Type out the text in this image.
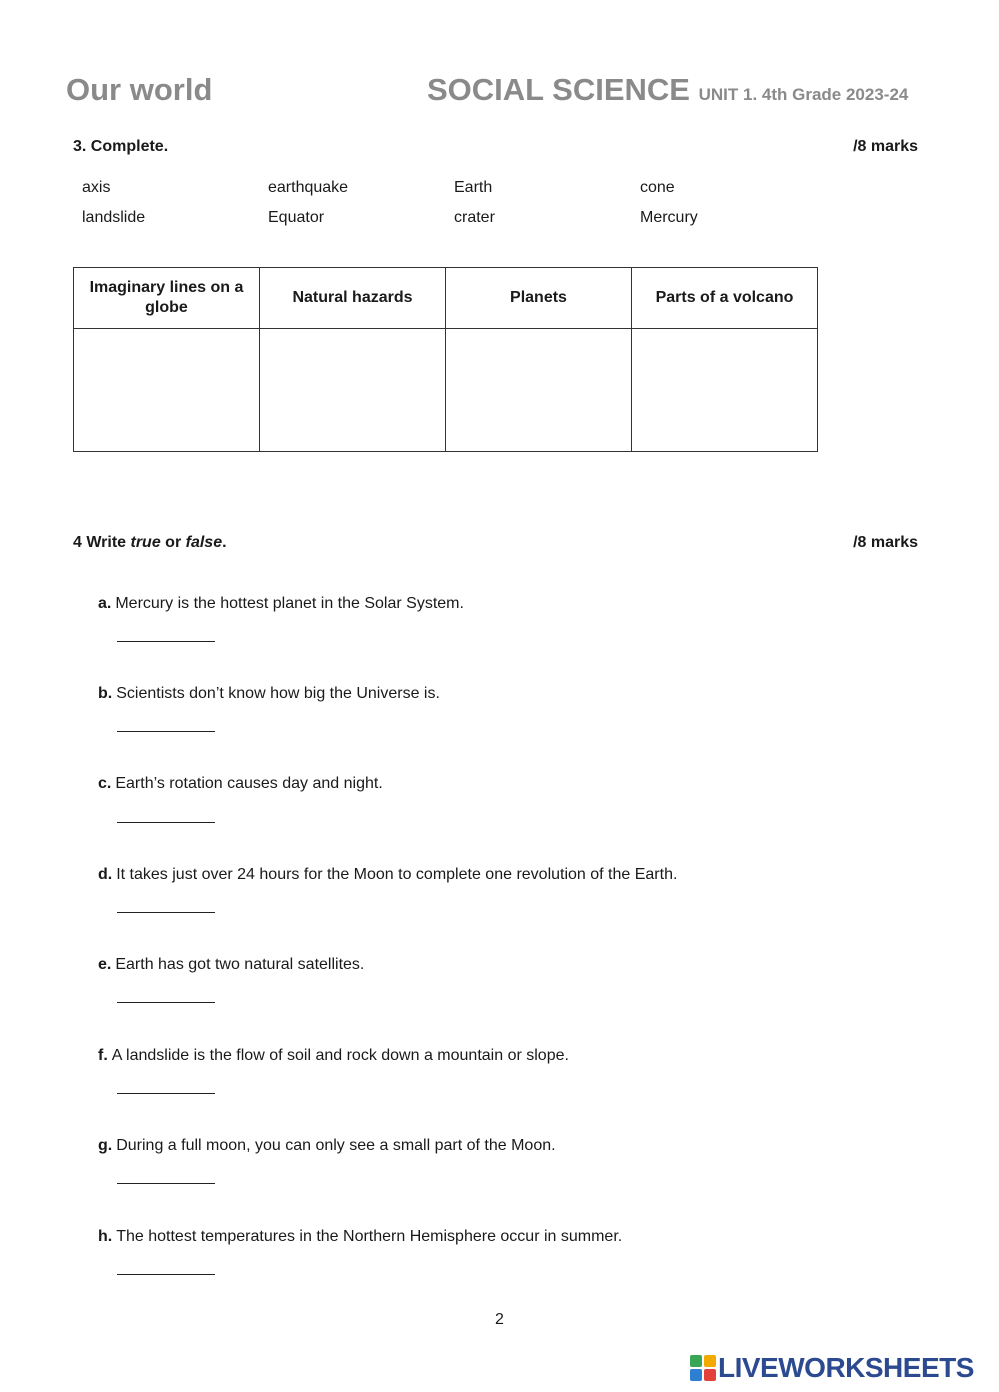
Our world	SOCIAL SCIENCE UNIT 1. 4th Grade 2023-24
3. Complete.	/8 marks
axis	earthquake	Earth	cone
landslide	Equator	crater	Mercury
Imaginary lines on a globe	Natural hazards	Planets	Parts of a volcano

4 Write true or false.	/8 marks
a. Mercury is the hottest planet in the Solar System.
b. Scientists don’t know how big the Universe is.
c. Earth’s rotation causes day and night.
d. It takes just over 24 hours for the Moon to complete one revolution of the Earth.
e. Earth has got two natural satellites.
f. A landslide is the flow of soil and rock down a mountain or slope.
g. During a full moon, you can only see a small part of the Moon.
h. The hottest temperatures in the Northern Hemisphere occur in summer.
2
LIVEWORKSHEETS
